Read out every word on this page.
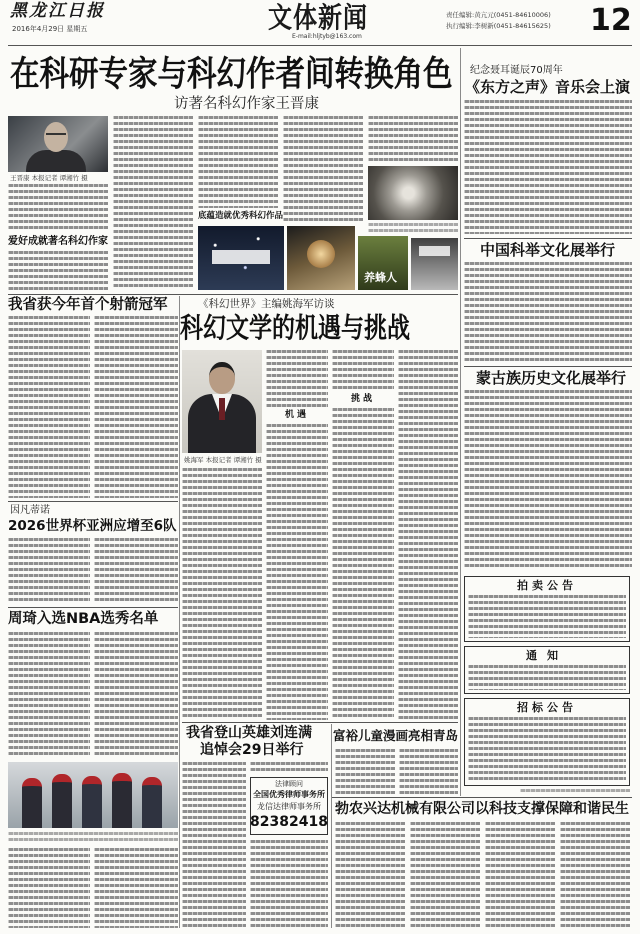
黑龙江日报
2016年4月29日 星期五	文体新闻
E-mail:hljtyb@163.com
责任编辑:黄亢元(0451-84610006)
执行编辑:李树新(0451-84615625) 12
在科研专家与科幻作者间转换角色
访著名科幻作家王晋康
王晋康 本报记者 谭湘竹 摄
爱好成就著名科幻作家
底蕴造就优秀科幻作品
养蜂人
纪念聂耳诞辰70周年
《东方之声》音乐会上演
中国科举文化展举行
蒙古族历史文化展举行
拍卖公告
通知
招标公告
《科幻世界》主编姚海军访谈
科幻文学的机遇与挑战
姚海军 本报记者 谭湘竹 摄
机遇
挑战
我省获今年首个射箭冠军
因凡蒂诺
2026世界杯亚洲应增至6队
周琦入选NBA选秀名单
我省登山英雄刘连满
追悼会29日举行
法律顾问
全国优秀律师事务所
龙信达律师事务所
82382418
富裕儿童漫画亮相青岛
勃农兴达机械有限公司以科技支撑保障和谐民生
